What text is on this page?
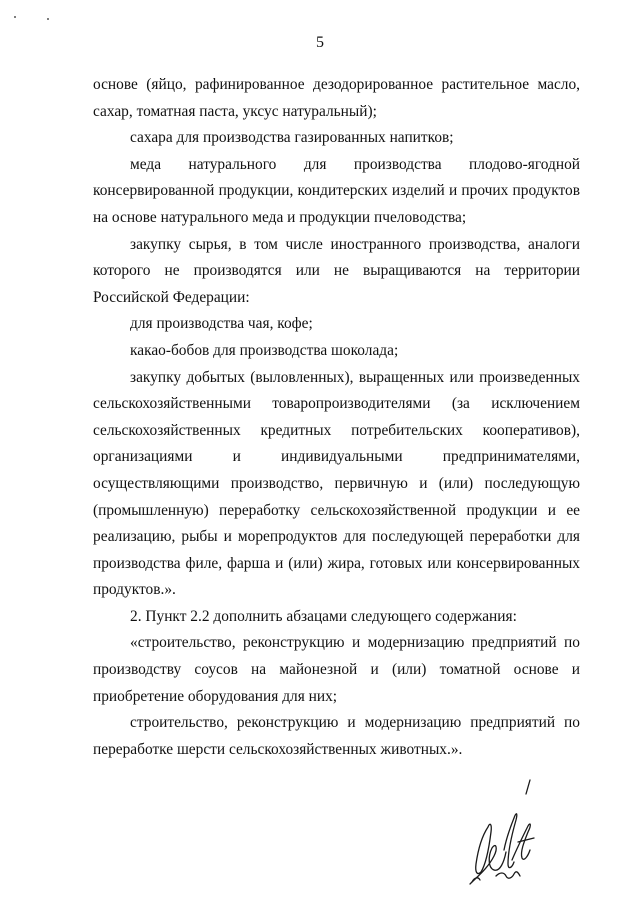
5

основе (яйцо, рафинированное дезодорированное растительное масло, сахар, томатная паста, уксус натуральный);

сахара для производства газированных напитков;

меда натурального для производства плодово-ягодной консервированной продукции, кондитерских изделий и прочих продуктов на основе натурального меда и продукции пчеловодства;

закупку сырья, в том числе иностранного производства, аналоги которого не производятся или не выращиваются на территории Российской Федерации:

для производства чая, кофе;

какао-бобов для производства шоколада;

закупку добытых (выловленных), выращенных или произведенных сельскохозяйственными товаропроизводителями (за исключением сельскохозяйственных кредитных потребительских кооперативов), организациями и индивидуальными предпринимателями, осуществляющими производство, первичную и (или) последующую (промышленную) переработку сельскохозяйственной продукции и ее реализацию, рыбы и морепродуктов для последующей переработки для производства филе, фарша и (или) жира, готовых или консервированных продуктов.».

2. Пункт 2.2 дополнить абзацами следующего содержания:

«строительство, реконструкцию и модернизацию предприятий по производству соусов на майонезной и (или) томатной основе и приобретение оборудования для них;

строительство, реконструкцию и модернизацию предприятий по переработке шерсти сельскохозяйственных животных.».
